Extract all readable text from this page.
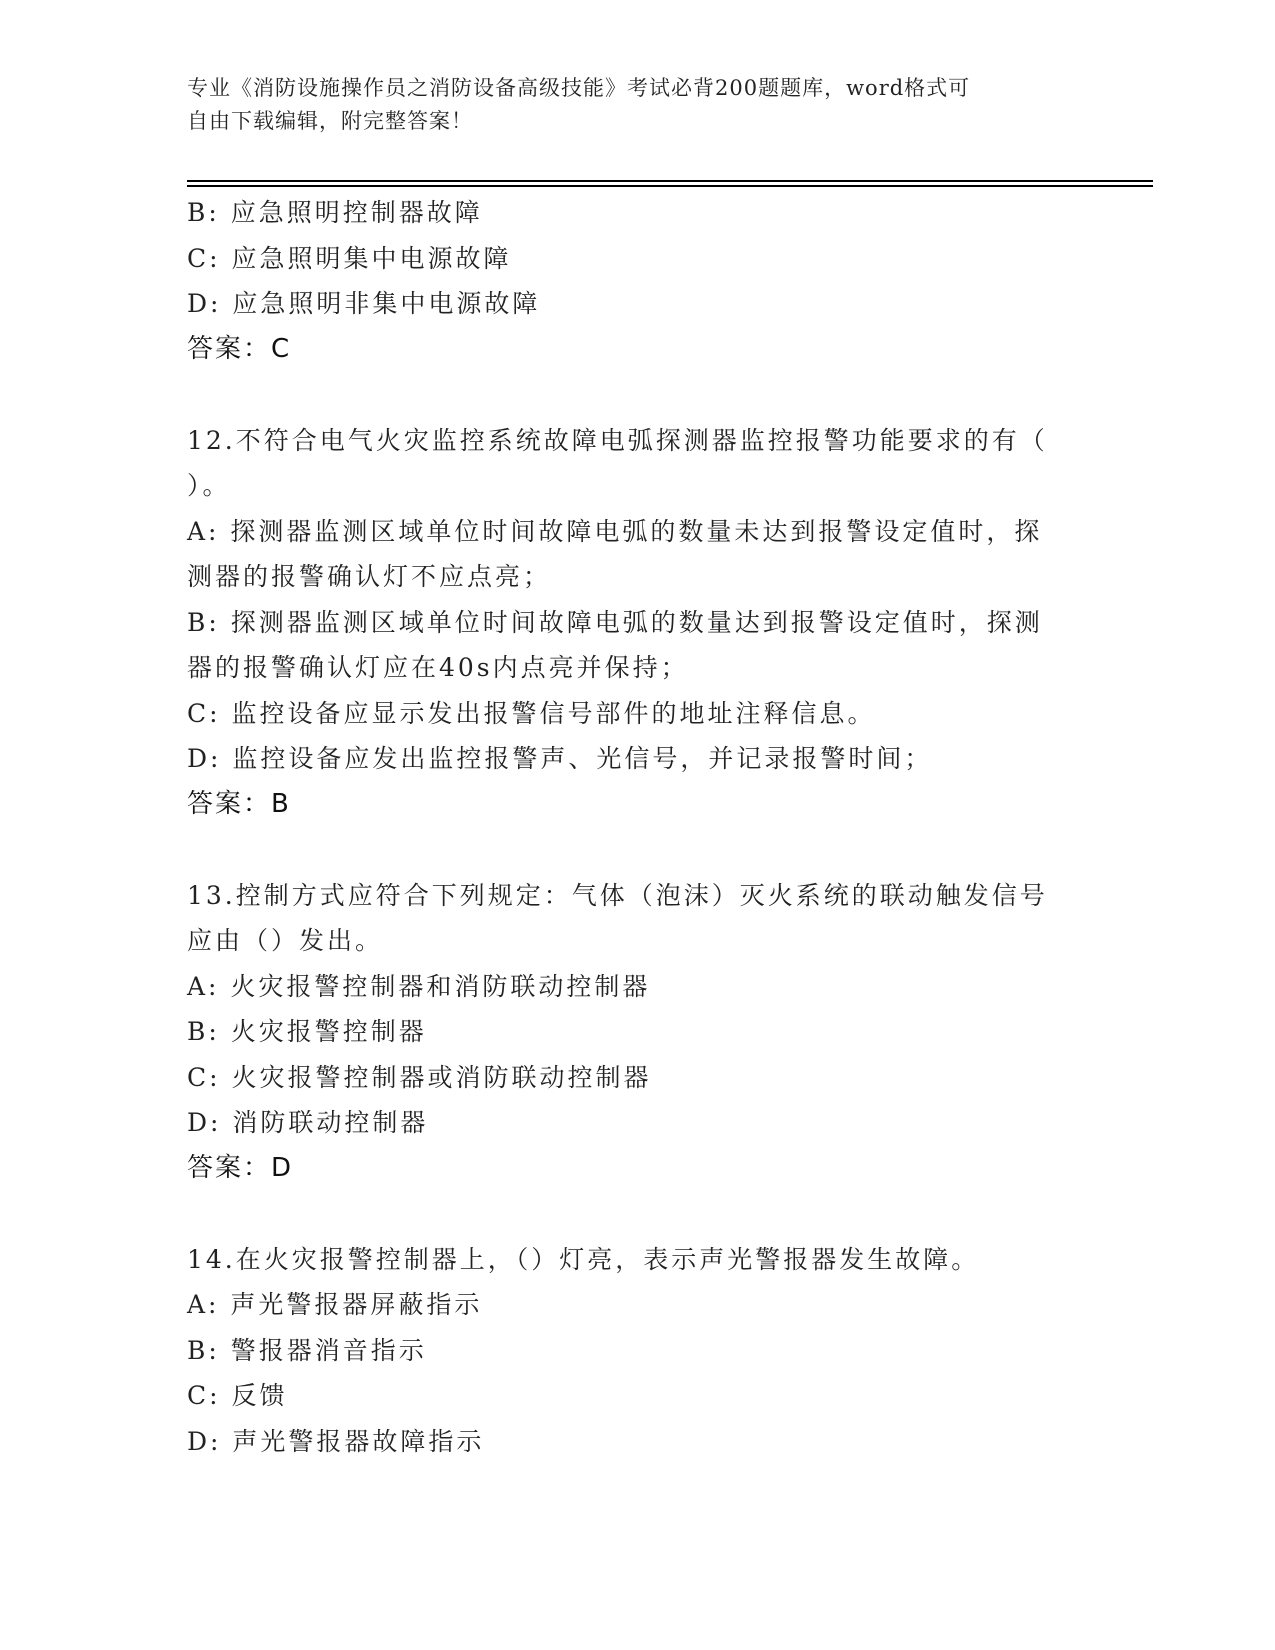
专业《消防设施操作员之消防设备高级技能》考试必背200题题库，word格式可
自由下载编辑，附完整答案！
B: 应急照明控制器故障
C: 应急照明集中电源故障
D: 应急照明非集中电源故障
答案：C
12.不符合电气火灾监控系统故障电弧探测器监控报警功能要求的有（
）。
A: 探测器监测区域单位时间故障电弧的数量未达到报警设定值时，探
测器的报警确认灯不应点亮；
B: 探测器监测区域单位时间故障电弧的数量达到报警设定值时，探测
器的报警确认灯应在40s内点亮并保持；
C: 监控设备应显示发出报警信号部件的地址注释信息。
D: 监控设备应发出监控报警声、光信号，并记录报警时间；
答案：B
13.控制方式应符合下列规定：气体（泡沫）灭火系统的联动触发信号
应由（）发出。
A: 火灾报警控制器和消防联动控制器
B: 火灾报警控制器
C: 火灾报警控制器或消防联动控制器
D: 消防联动控制器
答案：D
14.在火灾报警控制器上，（）灯亮，表示声光警报器发生故障。
A: 声光警报器屏蔽指示
B: 警报器消音指示
C: 反馈
D: 声光警报器故障指示
